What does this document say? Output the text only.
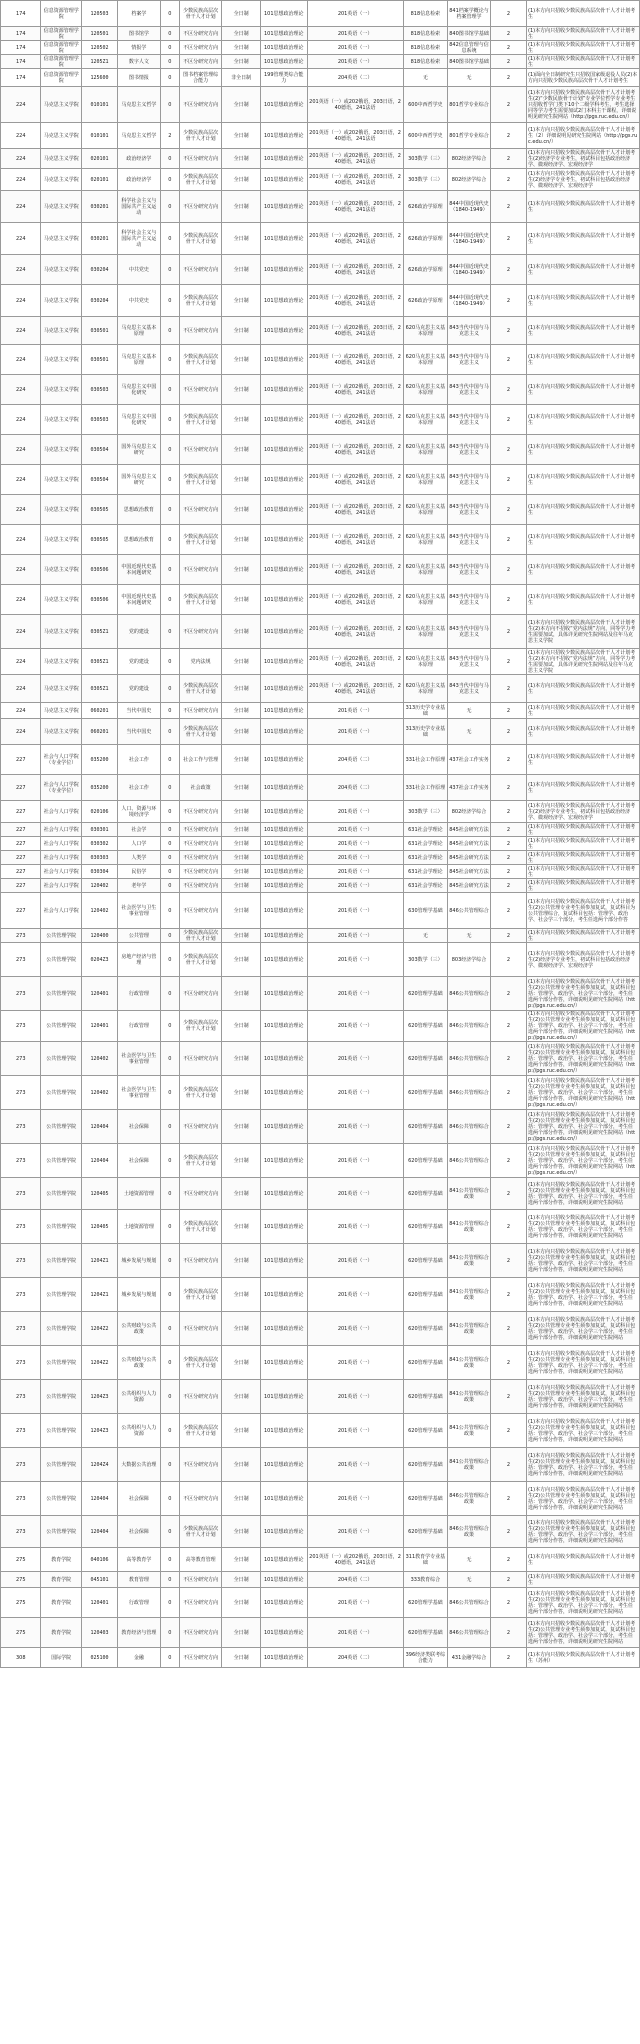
174	信息资源管理学院	120503	档案学	0	少数民族高层次骨干人才计划	全日制	101思想政治理论	201英语（一）	818信息检索	841档案学概论与档案管理学	2	(1)本方向只招收少数民族高层次骨干人才计划考生
174	信息资源管理学院	120501	图书馆学	0	不区分研究方向	全日制	101思想政治理论	201英语（一）	818信息检索	840图书馆学基础	2	(1)本方向只招收少数民族高层次骨干人才计划考生
174	信息资源管理学院	120502	情报学	0	不区分研究方向	全日制	101思想政治理论	201英语（一）	818信息检索	842信息管理与信息系统	2	(1)本方向只招收少数民族高层次骨干人才计划考生
174	信息资源管理学院	1205Z1	数字人文	0	不区分研究方向	全日制	101思想政治理论	201英语（一）	818信息检索	840图书馆学基础	2	(1)本方向只招收少数民族高层次骨干人才计划考生
174	信息资源管理学院	125600	图书情报	0	图书档案管理综合能力	非全日制	199管理类综合能力	204英语（二）	无	无	2	(1)面向全日制研究生只招收国家级退役人员(2)本方向只招收少数民族高层次骨干人才计划考生
224	马克思主义学院	010101	马克思主义哲学	0	不区分研究方向	全日制	101思想政治理论	201英语（一）或202俄语，203日语，240德语，241法语	600中西哲学史	801哲学专业综合	2	(1)本方向只招收少数民族高层次骨干人才计划考生(2)“少数民族骨干计划”专业学位哲学专业考生只招收哲学门类下10个二级学科考生，考生选择同等学力考生需要加试2门本科主干课程，详细说明见研究生院网站（http://pgs.ruc.edu.cn/）
224	马克思主义学院	010101	马克思主义哲学	2	少数民族高层次骨干人才计划	全日制	101思想政治理论	201英语（一）或202俄语，203日语，240德语，241法语	600中西哲学史	801哲学专业综合	2	(1)本方向只招收少数民族高层次骨干人才计划考生（2）详细说明见研究生院网站（http://pgs.ruc.edu.cn/）
224	马克思主义学院	020101	政治经济学	0	不区分研究方向	全日制	101思想政治理论	201英语（一）或202俄语，203日语，240德语，241法语	303数学（三）	802经济学综合	2	(1)本方向只招收少数民族高层次骨干人才计划考生(2)经济学专业考生，初试科目包括政治经济学、微观经济学、宏观经济学
224	马克思主义学院	020101	政治经济学	0	少数民族高层次骨干人才计划	全日制	101思想政治理论	201英语（一）或202俄语，203日语，240德语，241法语	303数学（三）	802经济学综合	2	(1)本方向只招收少数民族高层次骨干人才计划考生(2)经济学专业考生，初试科目包括政治经济学、微观经济学、宏观经济学
224	马克思主义学院	030201	科学社会主义与国际共产主义运动	0	不区分研究方向	全日制	101思想政治理论	201英语（一）或202俄语，203日语，240德语，241法语	626政治学原理	844中国近现代史（1840-1949）	2	(1)本方向只招收少数民族高层次骨干人才计划考生
224	马克思主义学院	030201	科学社会主义与国际共产主义运动	0	少数民族高层次骨干人才计划	全日制	101思想政治理论	201英语（一）或202俄语，203日语，240德语，241法语	626政治学原理	844中国近现代史（1840-1949）	2	(1)本方向只招收少数民族高层次骨干人才计划考生
224	马克思主义学院	030204	中共党史	0	不区分研究方向	全日制	101思想政治理论	201英语（一）或202俄语，203日语，240德语，241法语	626政治学原理	844中国近现代史（1840-1949）	2	(1)本方向只招收少数民族高层次骨干人才计划考生
224	马克思主义学院	030204	中共党史	0	少数民族高层次骨干人才计划	全日制	101思想政治理论	201英语（一）或202俄语，203日语，240德语，241法语	626政治学原理	844中国近现代史（1840-1949）	2	(1)本方向只招收少数民族高层次骨干人才计划考生
224	马克思主义学院	030501	马克思主义基本原理	0	不区分研究方向	全日制	101思想政治理论	201英语（一）或202俄语，203日语，240德语，241法语	620马克思主义基本原理	843当代中国与马克思主义	2	(1)本方向只招收少数民族高层次骨干人才计划考生
224	马克思主义学院	030501	马克思主义基本原理	0	少数民族高层次骨干人才计划	全日制	101思想政治理论	201英语（一）或202俄语，203日语，240德语，241法语	620马克思主义基本原理	843当代中国与马克思主义	2	(1)本方向只招收少数民族高层次骨干人才计划考生
224	马克思主义学院	030503	马克思主义中国化研究	0	不区分研究方向	全日制	101思想政治理论	201英语（一）或202俄语，203日语，240德语，241法语	620马克思主义基本原理	843当代中国与马克思主义	2	(1)本方向只招收少数民族高层次骨干人才计划考生
224	马克思主义学院	030503	马克思主义中国化研究	0	少数民族高层次骨干人才计划	全日制	101思想政治理论	201英语（一）或202俄语，203日语，240德语，241法语	620马克思主义基本原理	843当代中国与马克思主义	2	(1)本方向只招收少数民族高层次骨干人才计划考生
224	马克思主义学院	030504	国外马克思主义研究	0	不区分研究方向	全日制	101思想政治理论	201英语（一）或202俄语，203日语，240德语，241法语	620马克思主义基本原理	843当代中国与马克思主义	2	(1)本方向只招收少数民族高层次骨干人才计划考生
224	马克思主义学院	030504	国外马克思主义研究	0	少数民族高层次骨干人才计划	全日制	101思想政治理论	201英语（一）或202俄语，203日语，240德语，241法语	620马克思主义基本原理	843当代中国与马克思主义	2	(1)本方向只招收少数民族高层次骨干人才计划考生
224	马克思主义学院	030505	思想政治教育	0	不区分研究方向	全日制	101思想政治理论	201英语（一）或202俄语，203日语，240德语，241法语	620马克思主义基本原理	843当代中国与马克思主义	2	(1)本方向只招收少数民族高层次骨干人才计划考生
224	马克思主义学院	030505	思想政治教育	0	少数民族高层次骨干人才计划	全日制	101思想政治理论	201英语（一）或202俄语，203日语，240德语，241法语	620马克思主义基本原理	843当代中国与马克思主义	2	(1)本方向只招收少数民族高层次骨干人才计划考生
224	马克思主义学院	030506	中国近现代史基本问题研究	0	不区分研究方向	全日制	101思想政治理论	201英语（一）或202俄语，203日语，240德语，241法语	620马克思主义基本原理	843当代中国与马克思主义	2	(1)本方向只招收少数民族高层次骨干人才计划考生
224	马克思主义学院	030506	中国近现代史基本问题研究	0	少数民族高层次骨干人才计划	全日制	101思想政治理论	201英语（一）或202俄语，203日语，240德语，241法语	620马克思主义基本原理	843当代中国与马克思主义	2	(1)本方向只招收少数民族高层次骨干人才计划考生
224	马克思主义学院	0305Z1	党的建设	0	不区分研究方向	全日制	101思想政治理论	201英语（一）或202俄语，203日语，240德语，241法语	620马克思主义基本原理	843当代中国与马克思主义	2	(1)本方向只招收少数民族高层次骨干人才计划考生(2)本方向不招收“党内法规”方向，同等学力考生需要加试，具体详见研究生院网站及往年马克思主义学院
224	马克思主义学院	0305Z1	党的建设	0	党内法规	全日制	101思想政治理论	201英语（一）或202俄语，203日语，240德语，241法语	620马克思主义基本原理	843当代中国与马克思主义	2	(1)本方向只招收少数民族高层次骨干人才计划考生(2)本方向不招收“党内法规”方向，同等学力考生需要加试，具体详见研究生院网站及往年马克思主义学院
224	马克思主义学院	0305Z1	党的建设	0	少数民族高层次骨干人才计划	全日制	101思想政治理论	201英语（一）或202俄语，203日语，240德语，241法语	620马克思主义基本原理	843当代中国与马克思主义	2	(1)本方向只招收少数民族高层次骨干人才计划考生
224	马克思主义学院	060201	当代中国史	0	不区分研究方向	全日制	101思想政治理论	201英语（一）	313历史学专业基础	无	2	(1)本方向只招收少数民族高层次骨干人才计划考生
224	马克思主义学院	060201	当代中国史	0	少数民族高层次骨干人才计划	全日制	101思想政治理论	201英语（一）	313历史学专业基础	无	2	(1)本方向只招收少数民族高层次骨干人才计划考生
227	社会与人口学院（专业学位）	035200	社会工作	0	社会工作与管理	全日制	101思想政治理论	204英语（二）	331社会工作原理	437社会工作实务	2	(1)本方向只招收少数民族高层次骨干人才计划考生
227	社会与人口学院（专业学位）	035200	社会工作	0	社会政策	全日制	101思想政治理论	204英语（二）	331社会工作原理	437社会工作实务	2	(1)本方向只招收少数民族高层次骨干人才计划考生
227	社会与人口学院	020106	人口、资源与环境经济学	0	不区分研究方向	全日制	101思想政治理论	201英语（一）	303数学（三）	802经济学综合	2	(1)本方向只招收少数民族高层次骨干人才计划考生(2)经济学专业考生，初试科目包括政治经济学、微观经济学、宏观经济学
227	社会与人口学院	030301	社会学	0	不区分研究方向	全日制	101思想政治理论	201英语（一）	631社会学理论	845社会研究方法	2	(1)本方向只招收少数民族高层次骨干人才计划考生
227	社会与人口学院	030302	人口学	0	不区分研究方向	全日制	101思想政治理论	201英语（一）	631社会学理论	845社会研究方法	2	(1)本方向只招收少数民族高层次骨干人才计划考生
227	社会与人口学院	030303	人类学	0	不区分研究方向	全日制	101思想政治理论	201英语（一）	631社会学理论	845社会研究方法	2	(1)本方向只招收少数民族高层次骨干人才计划考生
227	社会与人口学院	030304	民俗学	0	不区分研究方向	全日制	101思想政治理论	201英语（一）	631社会学理论	845社会研究方法	2	(1)本方向只招收少数民族高层次骨干人才计划考生
227	社会与人口学院	120402	老年学	0	不区分研究方向	全日制	101思想政治理论	201英语（一）	631社会学理论	845社会研究方法	2	(1)本方向只招收少数民族高层次骨干人才计划考生
227	社会与人口学院	120402	社会医学与卫生事业管理	0	不区分研究方向	全日制	101思想政治理论	201英语（一）	630管理学基础	846公共管理综合	2	(1)本方向只招收少数民族高层次骨干人才计划考生(2)公共管理专业考生须参加复试，复试科目为公共管理综合，复试科目包括：管理学、政治学、社会学三个部分，考生任选两个部分作答
273	公共管理学院	120400	公共管理	0	少数民族高层次骨干人才计划	全日制	101思想政治理论	201英语（一）	无	无	2	(1)本方向只招收少数民族高层次骨干人才计划考生
273	公共管理学院	0204Z3	房地产经济与管理	0	少数民族高层次骨干人才计划	全日制	101思想政治理论	201英语（一）	303数学（三）	803经济学综合	2	(1)本方向只招收少数民族高层次骨干人才计划考生(2)经济学专业考生，初试科目包括政治经济学、微观经济学、宏观经济学
273	公共管理学院	120401	行政管理	0	不区分研究方向	全日制	101思想政治理论	201英语（一）	620管理学基础	846公共管理综合	2	(1)本方向只招收少数民族高层次骨干人才计划考生(2)公共管理专业考生须参加复试，复试科目包括：管理学、政治学、社会学三个部分，考生任选两个部分作答，详细说明见研究生院网站（http://pgs.ruc.edu.cn/）
273	公共管理学院	120401	行政管理	0	少数民族高层次骨干人才计划	全日制	101思想政治理论	201英语（一）	620管理学基础	846公共管理综合	2	(1)本方向只招收少数民族高层次骨干人才计划考生(2)公共管理专业考生须参加复试，复试科目包括：管理学、政治学、社会学三个部分，考生任选两个部分作答，详细说明见研究生院网站（http://pgs.ruc.edu.cn/）
273	公共管理学院	120402	社会医学与卫生事业管理	0	不区分研究方向	全日制	101思想政治理论	201英语（一）	620管理学基础	846公共管理综合	2	(1)本方向只招收少数民族高层次骨干人才计划考生(2)公共管理专业考生须参加复试，复试科目包括：管理学、政治学、社会学三个部分，考生任选两个部分作答，详细说明见研究生院网站（http://pgs.ruc.edu.cn/）
273	公共管理学院	120402	社会医学与卫生事业管理	0	少数民族高层次骨干人才计划	全日制	101思想政治理论	201英语（一）	620管理学基础	846公共管理综合	2	(1)本方向只招收少数民族高层次骨干人才计划考生(2)公共管理专业考生须参加复试，复试科目包括：管理学、政治学、社会学三个部分，考生任选两个部分作答，详细说明见研究生院网站（http://pgs.ruc.edu.cn/）
273	公共管理学院	120404	社会保障	0	不区分研究方向	全日制	101思想政治理论	201英语（一）	620管理学基础	846公共管理综合	2	(1)本方向只招收少数民族高层次骨干人才计划考生(2)公共管理专业考生须参加复试，复试科目包括：管理学、政治学、社会学三个部分，考生任选两个部分作答，详细说明见研究生院网站（http://pgs.ruc.edu.cn/）
273	公共管理学院	120404	社会保障	0	少数民族高层次骨干人才计划	全日制	101思想政治理论	201英语（一）	620管理学基础	846公共管理综合	2	(1)本方向只招收少数民族高层次骨干人才计划考生(2)公共管理专业考生须参加复试，复试科目包括：管理学、政治学、社会学三个部分，考生任选两个部分作答，详细说明见研究生院网站（http://pgs.ruc.edu.cn/）
273	公共管理学院	120405	土地资源管理	0	不区分研究方向	全日制	101思想政治理论	201英语（一）	620管理学基础	841公共管理综合政策	2	(1)本方向只招收少数民族高层次骨干人才计划考生(2)公共管理专业考生须参加复试，复试科目包括：管理学、政治学、社会学三个部分，考生任选两个部分作答，详细说明见研究生院网站
273	公共管理学院	120405	土地资源管理	0	少数民族高层次骨干人才计划	全日制	101思想政治理论	201英语（一）	620管理学基础	841公共管理综合政策	2	(1)本方向只招收少数民族高层次骨干人才计划考生(2)公共管理专业考生须参加复试，复试科目包括：管理学、政治学、社会学三个部分，考生任选两个部分作答，详细说明见研究生院网站
273	公共管理学院	1204Z1	城乡发展与规划	0	不区分研究方向	全日制	101思想政治理论	201英语（一）	620管理学基础	841公共管理综合政策	2	(1)本方向只招收少数民族高层次骨干人才计划考生(2)公共管理专业考生须参加复试，复试科目包括：管理学、政治学、社会学三个部分，考生任选两个部分作答，详细说明见研究生院网站
273	公共管理学院	1204Z1	城乡发展与规划	0	少数民族高层次骨干人才计划	全日制	101思想政治理论	201英语（一）	620管理学基础	841公共管理综合政策	2	(1)本方向只招收少数民族高层次骨干人才计划考生(2)公共管理专业考生须参加复试，复试科目包括：管理学、政治学、社会学三个部分，考生任选两个部分作答，详细说明见研究生院网站
273	公共管理学院	1204Z2	公共财政与公共政策	0	不区分研究方向	全日制	101思想政治理论	201英语（一）	620管理学基础	841公共管理综合政策	2	(1)本方向只招收少数民族高层次骨干人才计划考生(2)公共管理专业考生须参加复试，复试科目包括：管理学、政治学、社会学三个部分，考生任选两个部分作答，详细说明见研究生院网站
273	公共管理学院	1204Z2	公共财政与公共政策	0	少数民族高层次骨干人才计划	全日制	101思想政治理论	201英语（一）	620管理学基础	841公共管理综合政策	2	(1)本方向只招收少数民族高层次骨干人才计划考生(2)公共管理专业考生须参加复试，复试科目包括：管理学、政治学、社会学三个部分，考生任选两个部分作答，详细说明见研究生院网站
273	公共管理学院	1204Z3	公共组织与人力资源	0	不区分研究方向	全日制	101思想政治理论	201英语（一）	620管理学基础	841公共管理综合政策	2	(1)本方向只招收少数民族高层次骨干人才计划考生(2)公共管理专业考生须参加复试，复试科目包括：管理学、政治学、社会学三个部分，考生任选两个部分作答，详细说明见研究生院网站
273	公共管理学院	1204Z3	公共组织与人力资源	0	少数民族高层次骨干人才计划	全日制	101思想政治理论	201英语（一）	620管理学基础	841公共管理综合政策	2	(1)本方向只招收少数民族高层次骨干人才计划考生(2)公共管理专业考生须参加复试，复试科目包括：管理学、政治学、社会学三个部分，考生任选两个部分作答，详细说明见研究生院网站
273	公共管理学院	1204Z4	大数据公共治理	0	不区分研究方向	全日制	101思想政治理论	201英语（一）	620管理学基础	841公共管理综合政策	2	(1)本方向只招收少数民族高层次骨干人才计划考生(2)公共管理专业考生须参加复试，复试科目包括：管理学、政治学、社会学三个部分，考生任选两个部分作答，详细说明见研究生院网站
273	公共管理学院	120404	社会保障	0	不区分研究方向	全日制	101思想政治理论	201英语（一）	620管理学基础	846公共管理综合政策	2	(1)本方向只招收少数民族高层次骨干人才计划考生(2)公共管理专业考生须参加复试，复试科目包括：管理学、政治学、社会学三个部分，考生任选两个部分作答，详细说明见研究生院网站
273	公共管理学院	120404	社会保障	0	少数民族高层次骨干人才计划	全日制	101思想政治理论	201英语（一）	620管理学基础	846公共管理综合政策	2	(1)本方向只招收少数民族高层次骨干人才计划考生(2)公共管理专业考生须参加复试，复试科目包括：管理学、政治学、社会学三个部分，考生任选两个部分作答，详细说明见研究生院网站
275	教育学院	040106	高等教育学	0	高等教育管理	全日制	101思想政治理论	201英语（一）或202俄语，203日语，240德语，241法语	311教育学专业基础	无	2	(1)本方向只招收少数民族高层次骨干人才计划考生
275	教育学院	045101	教育管理	0	不区分研究方向	全日制	101思想政治理论	204英语（二）	333教育综合	无	2	(1)本方向只招收少数民族高层次骨干人才计划考生
275	教育学院	120401	行政管理	0	不区分研究方向	全日制	101思想政治理论	201英语（一）	620管理学基础	846公共管理综合	2	(1)本方向只招收少数民族高层次骨干人才计划考生(2)公共管理专业考生须参加复试，复试科目包括：管理学、政治学、社会学三个部分，考生任选两个部分作答，详细说明见研究生院网站
275	教育学院	120403	教育经济与管理	0	不区分研究方向	全日制	101思想政治理论	201英语（一）	620管理学基础	846公共管理综合	2	(1)本方向只招收少数民族高层次骨干人才计划考生(2)公共管理专业考生须参加复试，复试科目包括：管理学、政治学、社会学三个部分，考生任选两个部分作答，详细说明见研究生院网站
308	国际学院	025100	金融	0	不区分研究方向	全日制	101思想政治理论	204英语（二）	396经济类联考综合能力	431金融学综合	2	(1)本方向只招收少数民族高层次骨干人才计划考生（苏州）
